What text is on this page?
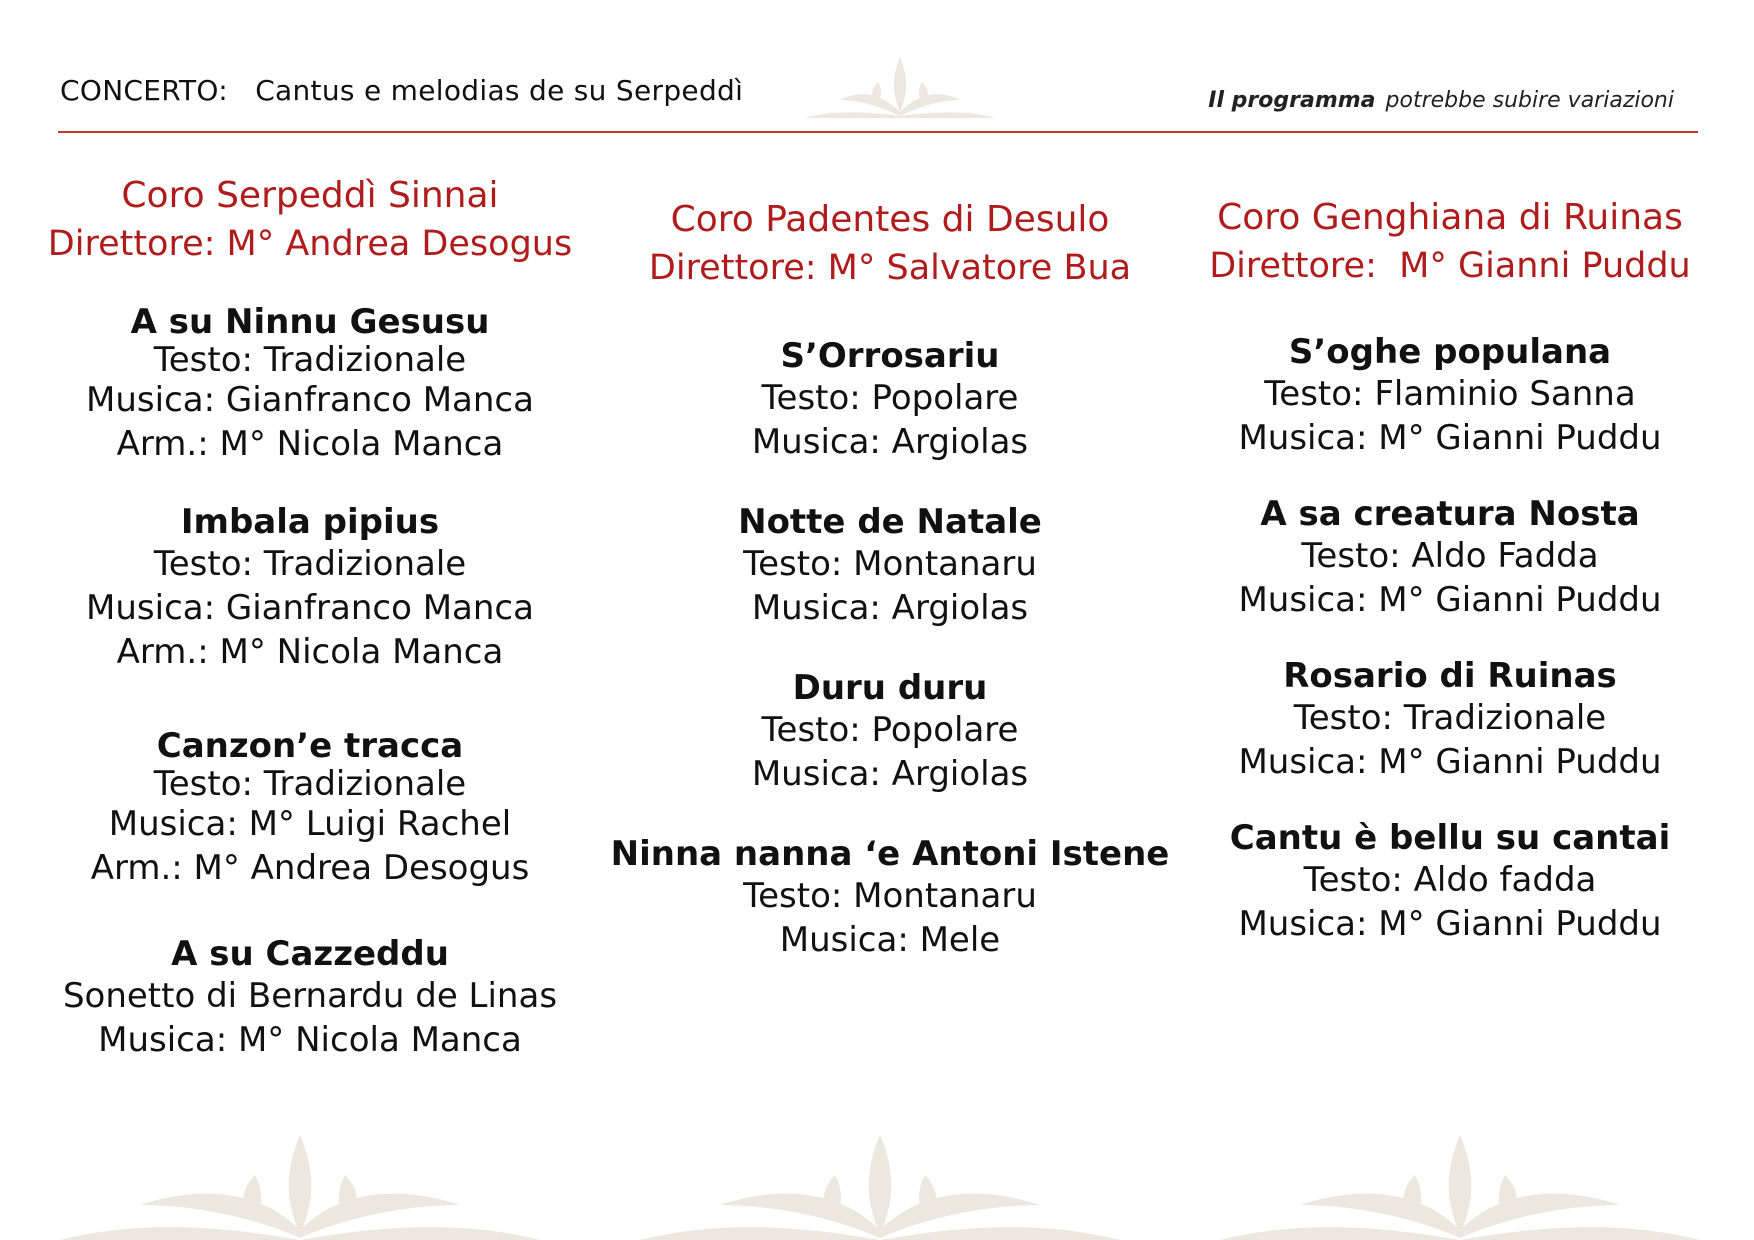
CONCERTO: Cantus e melodias de su Serpeddì	Il programma potrebbe subire variazioni
Coro Serpeddì Sinnai
Direttore: M° Andrea Desogus
A su Ninnu Gesusu
Testo: Tradizionale
Musica: Gianfranco Manca
Arm.: M° Nicola Manca
Imbala pipius
Testo: Tradizionale
Musica: Gianfranco Manca
Arm.: M° Nicola Manca
Canzon’e tracca
Testo: Tradizionale
Musica: M° Luigi Rachel
Arm.: M° Andrea Desogus
A su Cazzeddu
Sonetto di Bernardu de Linas
Musica: M° Nicola Manca
Coro Padentes di Desulo
Direttore: M° Salvatore Bua
S’Orrosariu
Testo: Popolare
Musica: Argiolas
Notte de Natale
Testo: Montanaru
Musica: Argiolas
Duru duru
Testo: Popolare
Musica: Argiolas
Ninna nanna ‘e Antoni Istene
Testo: Montanaru
Musica: Mele
Coro Genghiana di Ruinas
Direttore:  M° Gianni Puddu
S’oghe populana
Testo: Flaminio Sanna
Musica: M° Gianni Puddu
A sa creatura Nosta
Testo: Aldo Fadda
Musica: M° Gianni Puddu
Rosario di Ruinas
Testo: Tradizionale
Musica: M° Gianni Puddu
Cantu è bellu su cantai
Testo: Aldo fadda
Musica: M° Gianni Puddu
